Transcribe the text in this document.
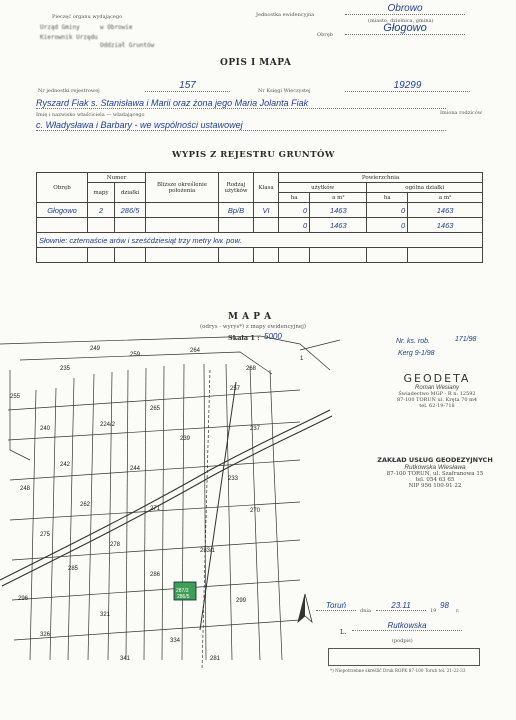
Pieczęć organu wydającego
Urząd Gminy	w Obrowie
Kierownik Urzędu
Oddział Gruntów
Jednostka ewidencyjna
Obrowo
(miasto, dzielnica, gmina)
Obręb
Głogowo
OPIS I MAPA
Nr jednostki rejestrowej	157	Nr Księgi Wieczystej	19299
Ryszard Fiak s. Stanisława i Marii oraz żona jego Maria Jolanta Fiak
Imiona rodziców
Imię i nazwisko właściciela — władającego
c. Władysława i Barbary - we wspólności ustawowej
WYPIS Z REJESTRU GRUNTÓW
Obręb	Numer		Bliższe określenie położenia	Rodzaj użytków	Klasa	Powierzchnia			
	mapy	działki				użytków		ogólna działki	
						ha	a m²	ha	a m²
Głogowo	2	286/5		Bp/B	VI	0	1463	0	1463
						0	1463	0	1463
Słownie: czternaście arów i sześćdziesiąt trzy metry kw. pow.									

M A P A
(odrys - wyrys*) z mapy ewidencyjnej)
Skala 1 : 5000
Nr. ks. rob.	171/98
Kerg 9-1/98
249
259
235
264
268
257
255
265
224/2
240	237
239
242
244
233
248
262
271	270
275
278
283/1
285
286
296	299
321
326
334
341	281
1
287/3
286/5
GEODETA
Roman Wesiany
Świadectwo MGP - R n: 12592
87-100 TORUŃ ul. Kręta 70 m4
tel. 62-19-718
ZAKŁAD USŁUG GEODEZYJNYCH
Rutkowska Wiesława
87-100 TORUŃ, ul. Szafranowa 15
tel. 054 63 65
NIP 956 100-91 22
Toruń
dnia
23.11
19
98
r.
L.
Rutkowska
(podpis)
*) Niepotrzebne skreślić Druk ROPK 87-100 Toruń tel. 21-22-33
